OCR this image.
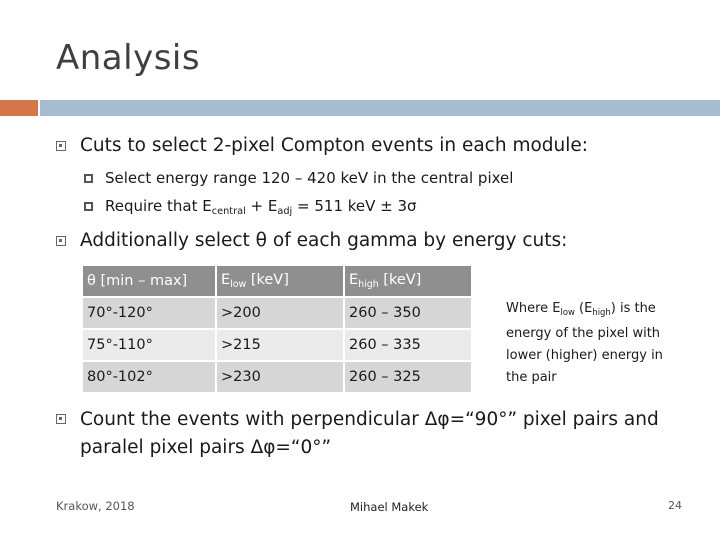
Analysis
Cuts to select 2-pixel Compton events in each module:
Select energy range 120 – 420 keV in the central pixel
Require that $E_{central} + E_{adj} = 511$ keV ± 3σ
Additionally select θ of each gamma by energy cuts:
θ [min – max]	$E_{low}$ [keV]	$E_{high}$ [keV]
70°-120°	>200	260 – 350
75°-110°	>215	260 – 335
80°-102°	>230	260 – 325
Where $E_{low}$ $(E_{high})$ is the energy of the pixel with lower (higher) energy in the pair
Count the events with perpendicular Δφ=“90°” pixel pairs and paralel pixel pairs Δφ=“0°”
Krakow, 2018	Mihael Makek	24
